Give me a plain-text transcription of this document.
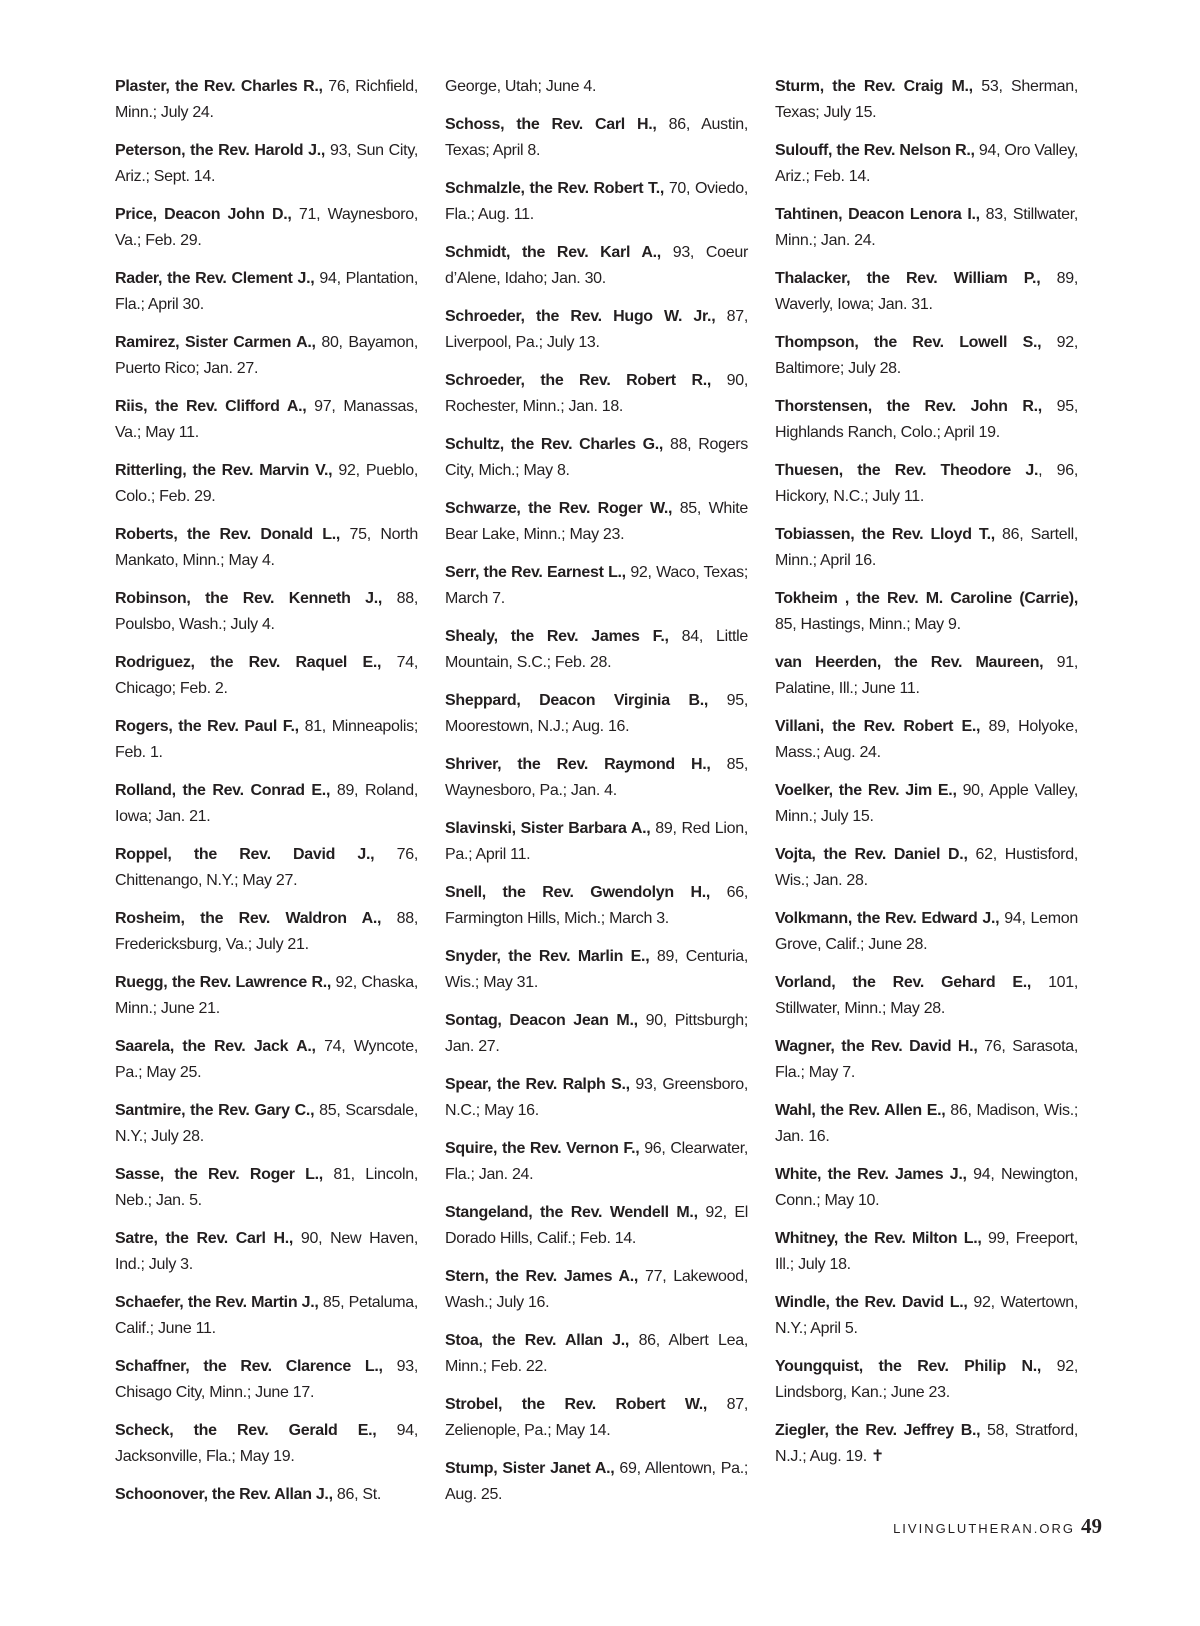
Plaster, the Rev. Charles R., 76, Richfield, Minn.; July 24.

Peterson, the Rev. Harold J., 93, Sun City, Ariz.; Sept. 14.

Price, Deacon John D., 71, Waynesboro, Va.; Feb. 29.

Rader, the Rev. Clement J., 94, Plantation, Fla.; April 30.

Ramirez, Sister Carmen A., 80, Bayamon, Puerto Rico; Jan. 27.

Riis, the Rev. Clifford A., 97, Manassas, Va.; May 11.

Ritterling, the Rev. Marvin V., 92, Pueblo, Colo.; Feb. 29.

Roberts, the Rev. Donald L., 75, North Mankato, Minn.; May 4.

Robinson, the Rev. Kenneth J., 88, Poulsbo, Wash.; July 4.

Rodriguez, the Rev. Raquel E., 74, Chicago; Feb. 2.

Rogers, the Rev. Paul F., 81, Minneapolis; Feb. 1.

Rolland, the Rev. Conrad E., 89, Roland, Iowa; Jan. 21.

Roppel, the Rev. David J., 76, Chittenango, N.Y.; May 27.

Rosheim, the Rev. Waldron A., 88, Fredericksburg, Va.; July 21.

Ruegg, the Rev. Lawrence R., 92, Chaska, Minn.; June 21.

Saarela, the Rev. Jack A., 74, Wyncote, Pa.; May 25.

Santmire, the Rev. Gary C., 85, Scarsdale, N.Y.; July 28.

Sasse, the Rev. Roger L., 81, Lincoln, Neb.; Jan. 5.

Satre, the Rev. Carl H., 90, New Haven, Ind.; July 3.

Schaefer, the Rev. Martin J., 85, Petaluma, Calif.; June 11.

Schaffner, the Rev. Clarence L., 93, Chisago City, Minn.; June 17.

Scheck, the Rev. Gerald E., 94, Jacksonville, Fla.; May 19.

Schoonover, the Rev. Allan J., 86, St.

George, Utah; June 4.

Schoss, the Rev. Carl H., 86, Austin, Texas; April 8.

Schmalzle, the Rev. Robert T., 70, Oviedo, Fla.; Aug. 11.

Schmidt, the Rev. Karl A., 93, Coeur d’Alene, Idaho; Jan. 30.

Schroeder, the Rev. Hugo W. Jr., 87, Liverpool, Pa.; July 13.

Schroeder, the Rev. Robert R., 90, Rochester, Minn.; Jan. 18.

Schultz, the Rev. Charles G., 88, Rogers City, Mich.; May 8.

Schwarze, the Rev. Roger W., 85, White Bear Lake, Minn.; May 23.

Serr, the Rev. Earnest L., 92, Waco, Texas; March 7.

Shealy, the Rev. James F., 84, Little Mountain, S.C.; Feb. 28.

Sheppard, Deacon Virginia B., 95, Moorestown, N.J.; Aug. 16.

Shriver, the Rev. Raymond H., 85, Waynesboro, Pa.; Jan. 4.

Slavinski, Sister Barbara A., 89, Red Lion, Pa.; April 11.

Snell, the Rev. Gwendolyn H., 66, Farmington Hills, Mich.; March 3.

Snyder, the Rev. Marlin E., 89, Centuria, Wis.; May 31.

Sontag, Deacon Jean M., 90, Pittsburgh; Jan. 27.

Spear, the Rev. Ralph S., 93, Greensboro, N.C.; May 16.

Squire, the Rev. Vernon F., 96, Clearwater, Fla.; Jan. 24.

Stangeland, the Rev. Wendell M., 92, El Dorado Hills, Calif.; Feb. 14.

Stern, the Rev. James A., 77, Lakewood, Wash.; July 16.

Stoa, the Rev. Allan J., 86, Albert Lea, Minn.; Feb. 22.

Strobel, the Rev. Robert W., 87, Zelienople, Pa.; May 14.

Stump, Sister Janet A., 69, Allentown, Pa.; Aug. 25.

Sturm, the Rev. Craig M., 53, Sherman, Texas; July 15.

Sulouff, the Rev. Nelson R., 94, Oro Valley, Ariz.; Feb. 14.

Tahtinen, Deacon Lenora I., 83, Stillwater, Minn.; Jan. 24.

Thalacker, the Rev. William P., 89, Waverly, Iowa; Jan. 31.

Thompson, the Rev. Lowell S., 92, Baltimore; July 28.

Thorstensen, the Rev. John R., 95, Highlands Ranch, Colo.; April 19.

Thuesen, the Rev. Theodore J., 96, Hickory, N.C.; July 11.

Tobiassen, the Rev. Lloyd T., 86, Sartell, Minn.; April 16.

Tokheim , the Rev. M. Caroline (Carrie), 85, Hastings, Minn.; May 9.

van Heerden, the Rev. Maureen, 91, Palatine, Ill.; June 11.

Villani, the Rev. Robert E., 89, Holyoke, Mass.; Aug. 24.

Voelker, the Rev. Jim E., 90, Apple Valley, Minn.; July 15.

Vojta, the Rev. Daniel D., 62, Hustisford, Wis.; Jan. 28.

Volkmann, the Rev. Edward J., 94, Lemon Grove, Calif.; June 28.

Vorland, the Rev. Gehard E., 101, Stillwater, Minn.; May 28.

Wagner, the Rev. David H., 76, Sarasota, Fla.; May 7.

Wahl, the Rev. Allen E., 86, Madison, Wis.; Jan. 16.

White, the Rev. James J., 94, Newington, Conn.; May 10.

Whitney, the Rev. Milton L., 99, Freeport, Ill.; July 18.

Windle, the Rev. David L., 92, Watertown, N.Y.; April 5.

Youngquist, the Rev. Philip N., 92, Lindsborg, Kan.; June 23.

Ziegler, the Rev. Jeffrey B., 58, Stratford, N.J.; Aug. 19. ✝

LIVINGLUTHERAN.ORG 49
